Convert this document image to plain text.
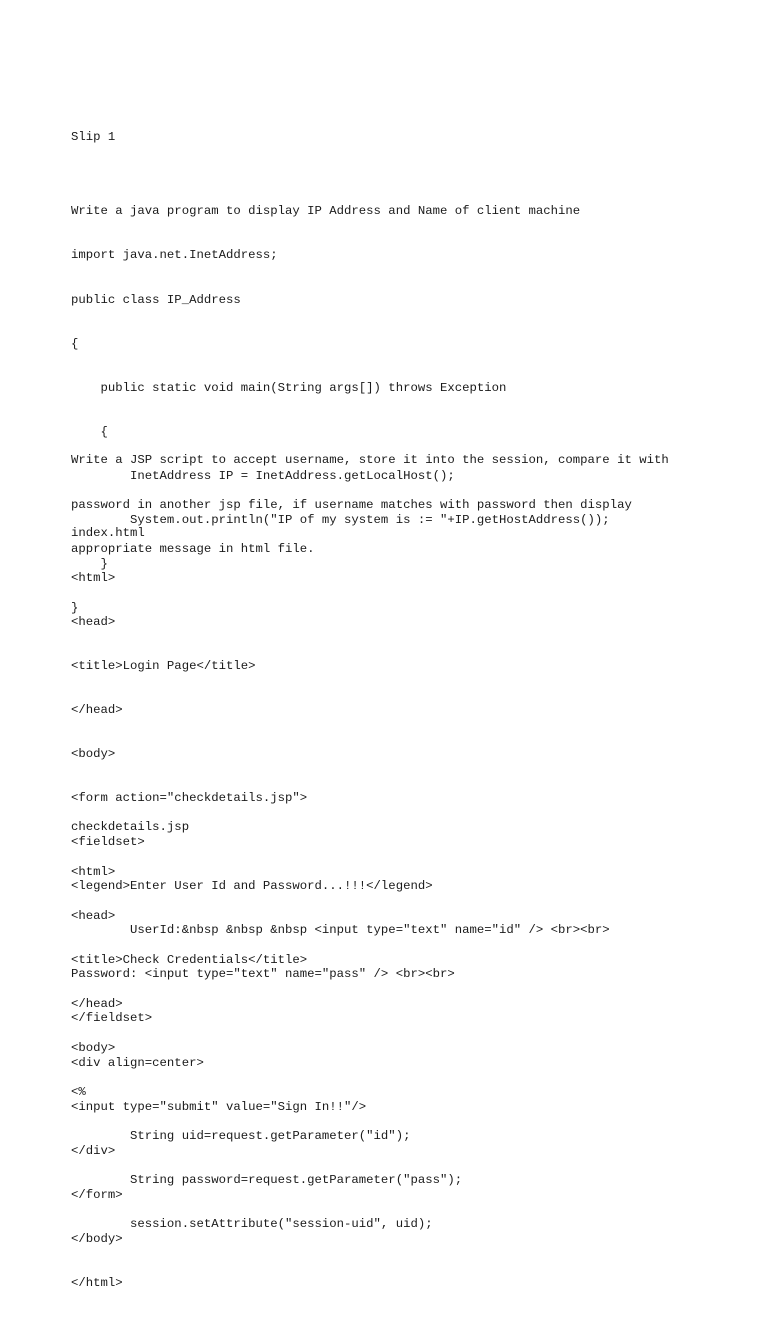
Slip 1

Write a java program to display IP Address and Name of client machine

import java.net.InetAddress;

public class IP_Address

{

public static void main(String args[]) throws Exception

{

InetAddress IP = InetAddress.getLocalHost();

System.out.println("IP of my system is := "+IP.getHostAddress());

}

}

Write a JSP script to accept username, store it into the session, compare it with

password in another jsp file, if username matches with password then display

appropriate message in html file.

index.html

<html>

<head>

<title>Login Page</title>

</head>

<body>

<form action="checkdetails.jsp">

<fieldset>

<legend>Enter User Id and Password...!!!</legend>

UserId:&nbsp &nbsp &nbsp <input type="text" name="id" /> <br><br>

Password: <input type="text" name="pass" /> <br><br>

</fieldset>

<div align=center>

<input type="submit" value="Sign In!!"/>

</div>

</form>

</body>

</html>

checkdetails.jsp

<html>

<head>

<title>Check Credentials</title>

</head>

<body>

<%

String uid=request.getParameter("id");

String password=request.getParameter("pass");

session.setAttribute("session-uid", uid);
